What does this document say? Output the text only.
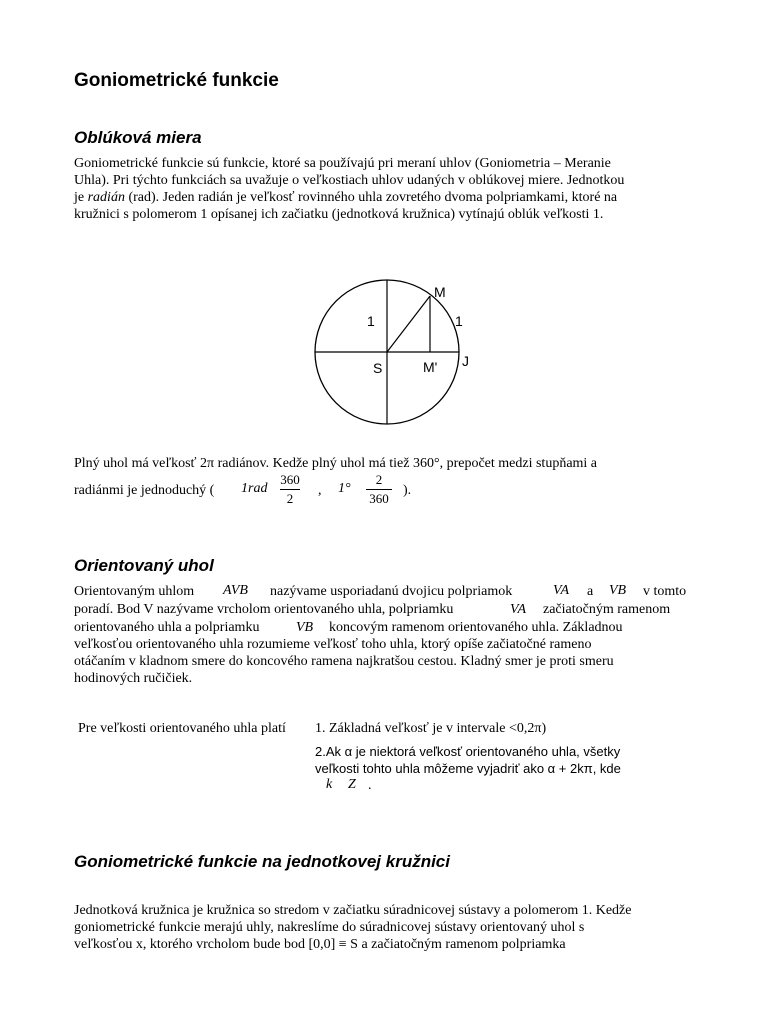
Goniometrické funkcie
Oblúková miera
Goniometrické funkcie sú funkcie, ktoré sa používajú pri meraní uhlov (Goniometria – Meranie
Uhla). Pri týchto funkciách sa uvažuje o veľkostiach uhlov udaných v oblúkovej miere. Jednotkou
je radián (rad). Jeden radián je veľkosť rovinného uhla zovretého dvoma polpriamkami, ktoré na
kružnici s polomerom 1 opísanej ich začiatku (jednotková kružnica) vytínajú oblúk veľkosti 1.
M
1	1
S	M' J
Plný uhol má veľkosť 2π radiánov. Kedže plný uhol má tiež 360°, prepočet medzi stupňami a
radiánmi je jednoduchý ( 1rad
360
2
, 1°
2
360
).
Orientovaný uhol
Orientovaným uhlom AVB nazývame usporiadanú dvojicu polpriamok	VA a VB v tomto
poradí. Bod V nazývame vrcholom orientovaného uhla, polpriamku	VA začiatočným ramenom
orientovaného uhla a polpriamku	VB koncovým ramenom orientovaného uhla. Základnou
veľkosťou orientovaného uhla rozumieme veľkosť toho uhla, ktorý opíše začiatočné rameno
otáčaním v kladnom smere do koncového ramena najkratšou cestou. Kladný smer je proti smeru
hodinových ručičiek.
Pre veľkosti orientovaného uhla platí 1. Základná veľkosť je v intervale <0,2π)
2.Ak α je niektorá veľkosť orientovaného uhla, všetky
veľkosti tohto uhla môžeme vyjadriť ako α + 2kπ, kde
k Z .
Goniometrické funkcie na jednotkovej kružnici
Jednotková kružnica je kružnica so stredom v začiatku súradnicovej sústavy a polomerom 1. Kedže
goniometrické funkcie merajú uhly, nakreslíme do súradnicovej sústavy orientovaný uhol s
veľkosťou x, ktorého vrcholom bude bod [0,0] ≡ S a začiatočným ramenom polpriamka
